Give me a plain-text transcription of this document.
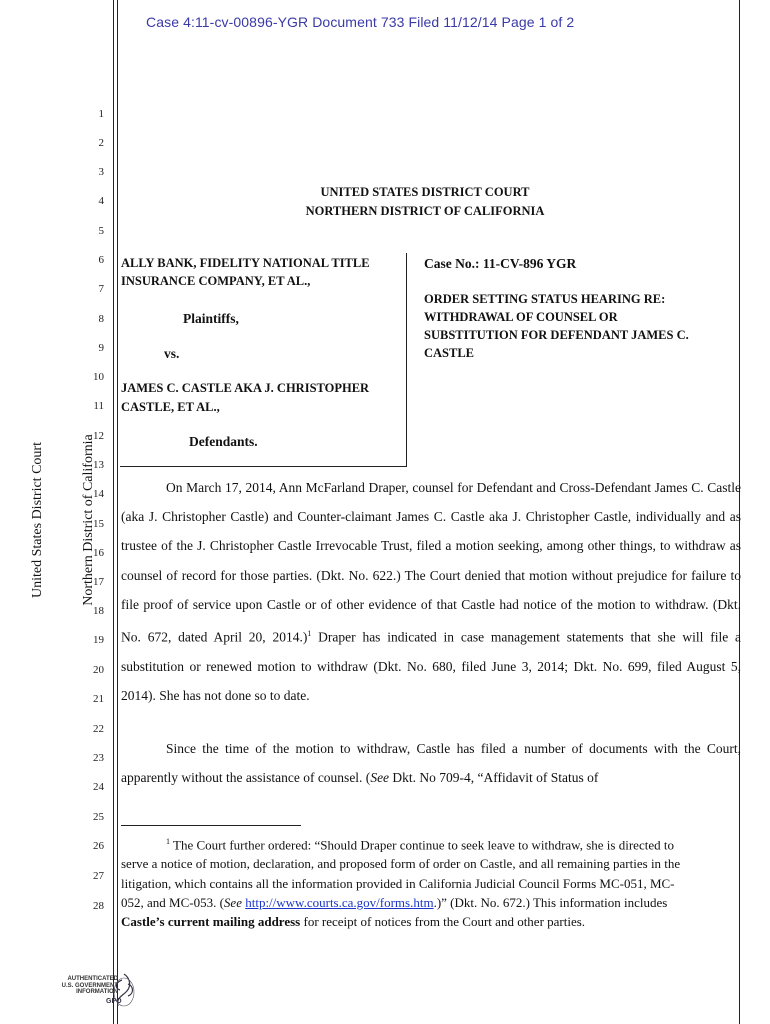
Case 4:11-cv-00896-YGR Document 733 Filed 11/12/14 Page 1 of 2
1
2
3
4
5
6
7
8
9
10
11
12
13
14
15
16
17
18
19
20
21
22
23
24
25
26
27
28
United States District Court	Northern District of California
UNITED STATES DISTRICT COURT
NORTHERN DISTRICT OF CALIFORNIA
ALLY BANK, FIDELITY NATIONAL TITLE
INSURANCE COMPANY, ET AL.,
Plaintiffs,
vs.
JAMES C. CASTLE AKA J. CHRISTOPHER
CASTLE, ET AL.,
Defendants.
Case No.: 11-CV-896 YGR
ORDER SETTING STATUS HEARING RE:
WITHDRAWAL OF COUNSEL OR
SUBSTITUTION FOR DEFENDANT JAMES C.
CASTLE
On March 17, 2014, Ann McFarland Draper, counsel for Defendant and Cross-Defendant James C. Castle (aka J. Christopher Castle) and Counter-claimant James C. Castle aka J. Christopher Castle, individually and as trustee of the J. Christopher Castle Irrevocable Trust, filed a motion seeking, among other things, to withdraw as counsel of record for those parties. (Dkt. No. 622.) The Court denied that motion without prejudice for failure to file proof of service upon Castle or of other evidence of that Castle had notice of the motion to withdraw. (Dkt. No. 672, dated April 20, 2014.)$^1$ Draper has indicated in case management statements that she will file a substitution or renewed motion to withdraw (Dkt. No. 680, filed June 3, 2014; Dkt. No. 699, filed August 5, 2014). She has not done so to date.
Since the time of the motion to withdraw, Castle has filed a number of documents with the Court, apparently without the assistance of counsel. (See Dkt. No 709-4, “Affidavit of Status of
$^1$ The Court further ordered: “Should Draper continue to seek leave to withdraw, she is directed to serve a notice of motion, declaration, and proposed form of order on Castle, and all remaining parties in the litigation, which contains all the information provided in California Judicial Council Forms MC-051, MC-052, and MC-053. (See http://www.courts.ca.gov/forms.htm.)” (Dkt. No. 672.) This information includes Castle’s current mailing address for receipt of notices from the Court and other parties.
AUTHENTICATED
U.S. GOVERNMENT
INFORMATION
GPO
